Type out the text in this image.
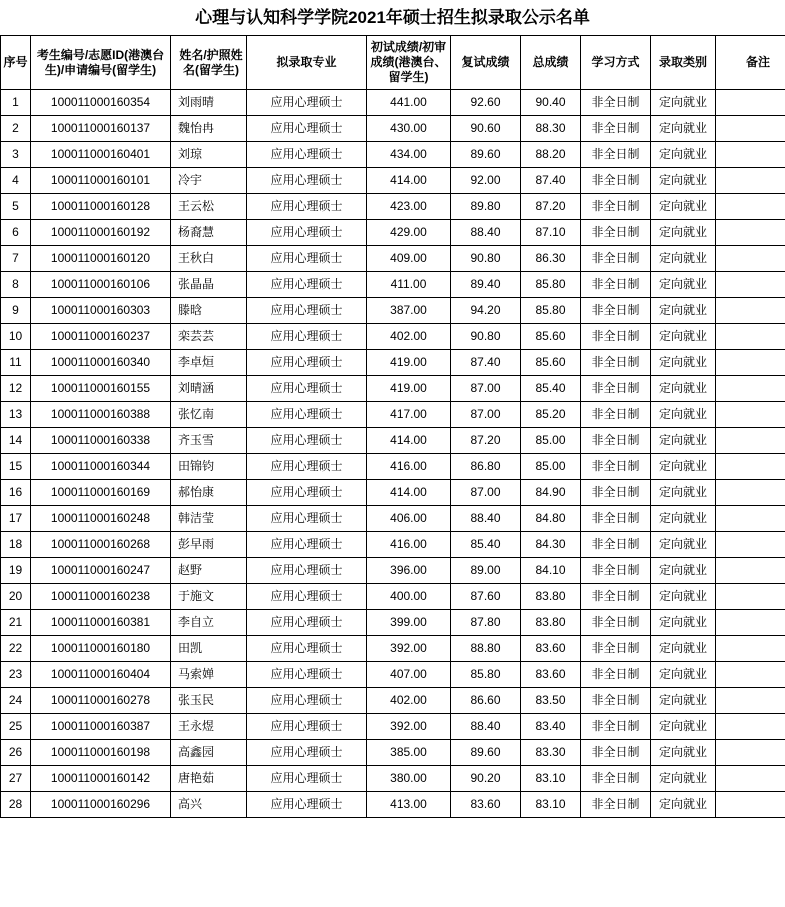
心理与认知科学学院2021年硕士招生拟录取公示名单
序号	考生编号/志愿ID(港澳台生)/申请编号(留学生)	姓名/护照姓名(留学生)	拟录取专业	初试成绩/初审成绩(港澳台、留学生)	复试成绩	总成绩	学习方式	录取类别	备注
1	100011000160354	刘雨晴	应用心理硕士	441.00	92.60	90.40	非全日制	定向就业	
2	100011000160137	魏怡冉	应用心理硕士	430.00	90.60	88.30	非全日制	定向就业	
3	100011000160401	刘琼	应用心理硕士	434.00	89.60	88.20	非全日制	定向就业	
4	100011000160101	冷宇	应用心理硕士	414.00	92.00	87.40	非全日制	定向就业	
5	100011000160128	王云松	应用心理硕士	423.00	89.80	87.20	非全日制	定向就业	
6	100011000160192	杨裔慧	应用心理硕士	429.00	88.40	87.10	非全日制	定向就业	
7	100011000160120	王秋白	应用心理硕士	409.00	90.80	86.30	非全日制	定向就业	
8	100011000160106	张晶晶	应用心理硕士	411.00	89.40	85.80	非全日制	定向就业	
9	100011000160303	滕晗	应用心理硕士	387.00	94.20	85.80	非全日制	定向就业	
10	100011000160237	栾芸芸	应用心理硕士	402.00	90.80	85.60	非全日制	定向就业	
11	100011000160340	李卓烜	应用心理硕士	419.00	87.40	85.60	非全日制	定向就业	
12	100011000160155	刘晴涵	应用心理硕士	419.00	87.00	85.40	非全日制	定向就业	
13	100011000160388	张忆南	应用心理硕士	417.00	87.00	85.20	非全日制	定向就业	
14	100011000160338	齐玉雪	应用心理硕士	414.00	87.20	85.00	非全日制	定向就业	
15	100011000160344	田锦钧	应用心理硕士	416.00	86.80	85.00	非全日制	定向就业	
16	100011000160169	郝怡康	应用心理硕士	414.00	87.00	84.90	非全日制	定向就业	
17	100011000160248	韩洁莹	应用心理硕士	406.00	88.40	84.80	非全日制	定向就业	
18	100011000160268	彭早雨	应用心理硕士	416.00	85.40	84.30	非全日制	定向就业	
19	100011000160247	赵野	应用心理硕士	396.00	89.00	84.10	非全日制	定向就业	
20	100011000160238	于施文	应用心理硕士	400.00	87.60	83.80	非全日制	定向就业	
21	100011000160381	李自立	应用心理硕士	399.00	87.80	83.80	非全日制	定向就业	
22	100011000160180	田凯	应用心理硕士	392.00	88.80	83.60	非全日制	定向就业	
23	100011000160404	马索婵	应用心理硕士	407.00	85.80	83.60	非全日制	定向就业	
24	100011000160278	张玉民	应用心理硕士	402.00	86.60	83.50	非全日制	定向就业	
25	100011000160387	王永煜	应用心理硕士	392.00	88.40	83.40	非全日制	定向就业	
26	100011000160198	高鑫园	应用心理硕士	385.00	89.60	83.30	非全日制	定向就业	
27	100011000160142	唐艳茹	应用心理硕士	380.00	90.20	83.10	非全日制	定向就业	
28	100011000160296	高兴	应用心理硕士	413.00	83.60	83.10	非全日制	定向就业	
